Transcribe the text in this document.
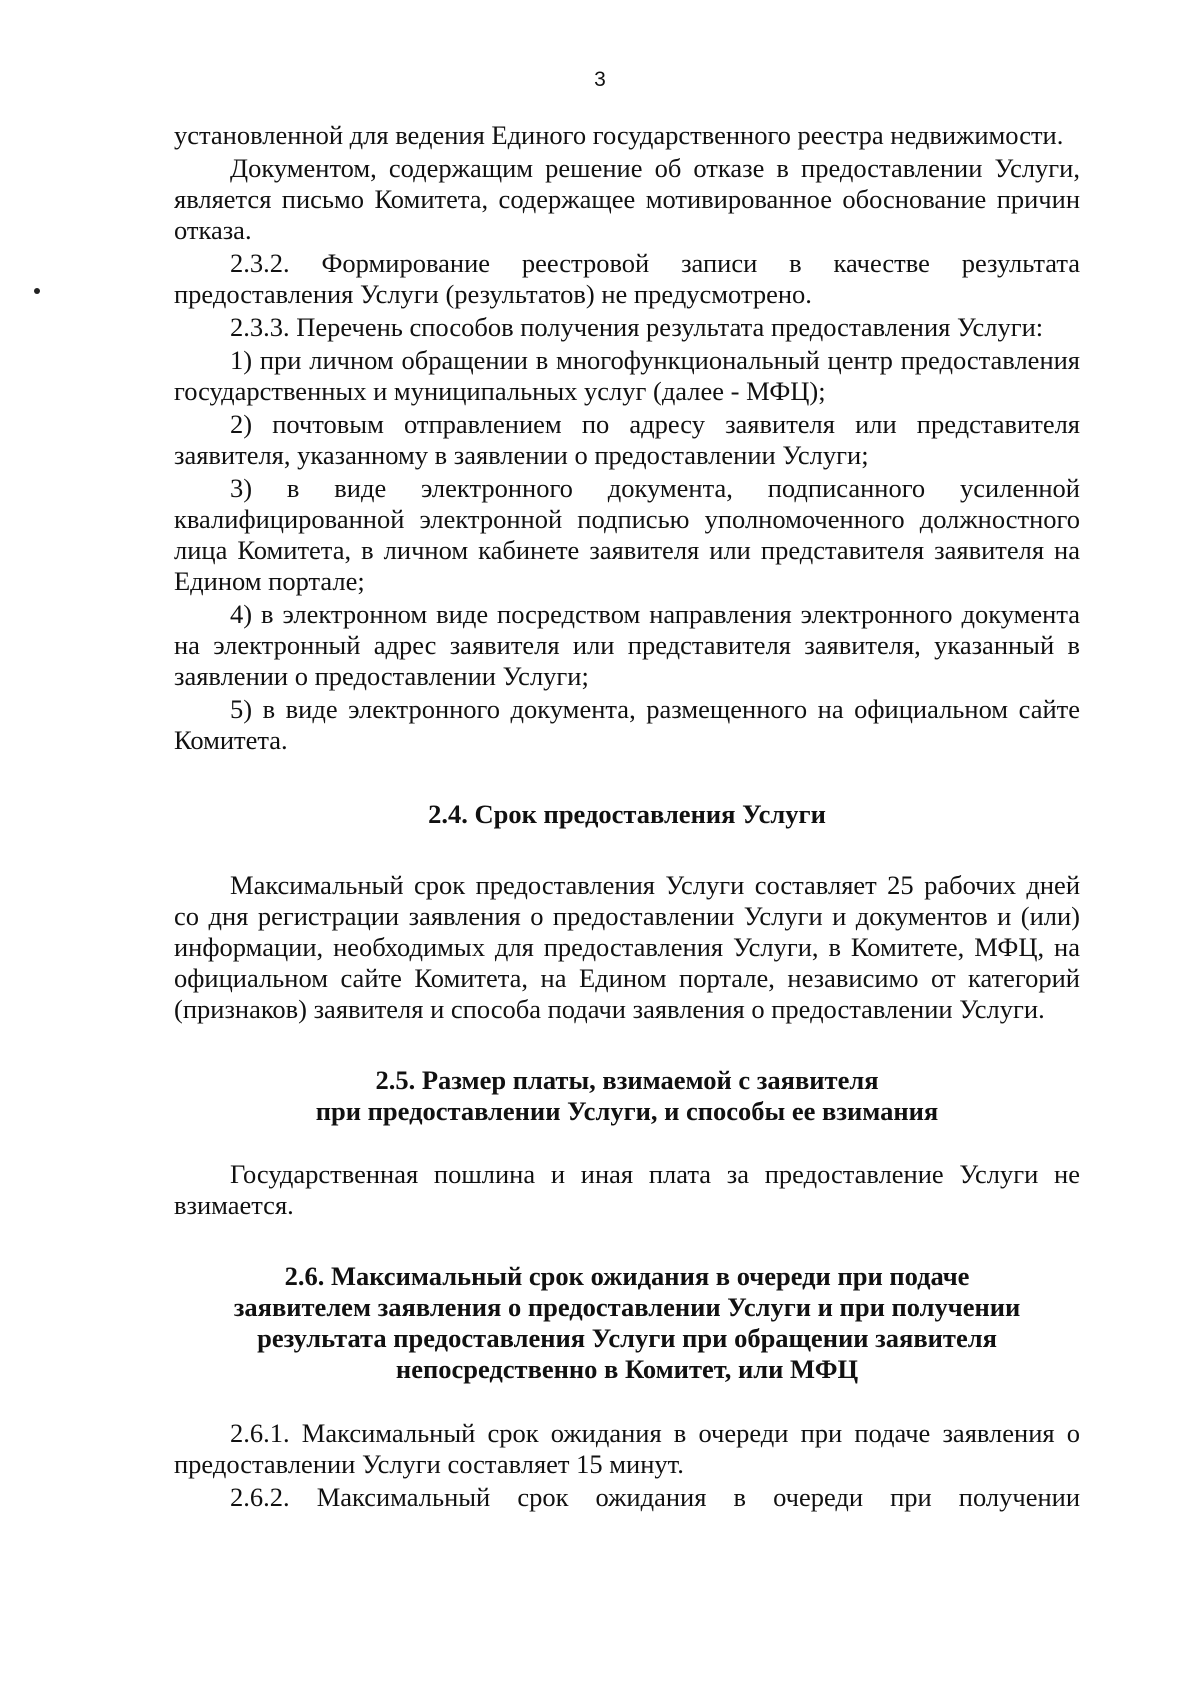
3

установленной для ведения Единого государственного реестра недвижимости.

Документом, содержащим решение об отказе в предоставлении Услуги, является письмо Комитета, содержащее мотивированное обоснование причин отказа.

2.3.2. Формирование реестровой записи в качестве результата предоставления Услуги (результатов) не предусмотрено.

2.3.3. Перечень способов получения результата предоставления Услуги:

1) при личном обращении в многофункциональный центр предоставления государственных и муниципальных услуг (далее - МФЦ);

2) почтовым отправлением по адресу заявителя или представителя заявителя, указанному в заявлении о предоставлении Услуги;

3) в виде электронного документа, подписанного усиленной квалифицированной электронной подписью уполномоченного должностного лица Комитета, в личном кабинете заявителя или представителя заявителя на Едином портале;

4) в электронном виде посредством направления электронного документа на электронный адрес заявителя или представителя заявителя, указанный в заявлении о предоставлении Услуги;

5) в виде электронного документа, размещенного на официальном сайте Комитета.

2.4. Срок предоставления Услуги

Максимальный срок предоставления Услуги составляет 25 рабочих дней со дня регистрации заявления о предоставлении Услуги и документов и (или) информации, необходимых для предоставления Услуги, в Комитете, МФЦ, на официальном сайте Комитета, на Едином портале, независимо от категорий (признаков) заявителя и способа подачи заявления о предоставлении Услуги.

2.5. Размер платы, взимаемой с заявителя
при предоставлении Услуги, и способы ее взимания

Государственная пошлина и иная плата за предоставление Услуги не взимается.

2.6. Максимальный срок ожидания в очереди при подаче
заявителем заявления о предоставлении Услуги и при получении
результата предоставления Услуги при обращении заявителя
непосредственно в Комитет, или МФЦ

2.6.1. Максимальный срок ожидания в очереди при подаче заявления о предоставлении Услуги составляет 15 минут.

2.6.2. Максимальный срок ожидания в очереди при получении
